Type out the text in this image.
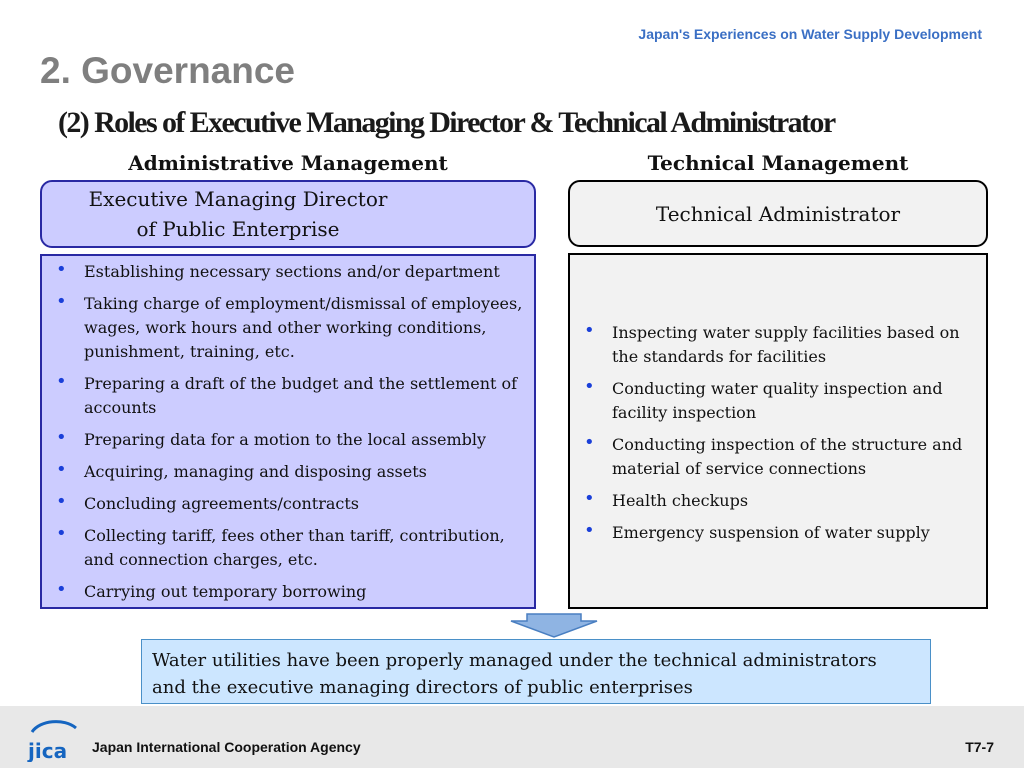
Japan's Experiences on Water Supply Development
2. Governance
(2) Roles of Executive Managing Director & Technical Administrator
Administrative Management	Technical Management
Executive Managing Director
of Public Enterprise
Technical Administrator
• Establishing necessary sections and/or department
• Taking charge of employment/dismissal of employees, wages, work hours and other working conditions, punishment, training, etc.
• Preparing a draft of the budget and the settlement of accounts
• Preparing data for a motion to the local assembly
• Acquiring, managing and disposing assets
• Concluding agreements/contracts
• Collecting tariff, fees other than tariff, contribution, and connection charges, etc.
• Carrying out temporary borrowing
• Inspecting water supply facilities based on the standards for facilities
• Conducting water quality inspection and facility inspection
• Conducting inspection of the structure and material of service connections
• Health checkups
• Emergency suspension of water supply
Water utilities have been properly managed under the technical administrators
and the executive managing directors of public enterprises
jica Japan International Cooperation Agency	T7-7
